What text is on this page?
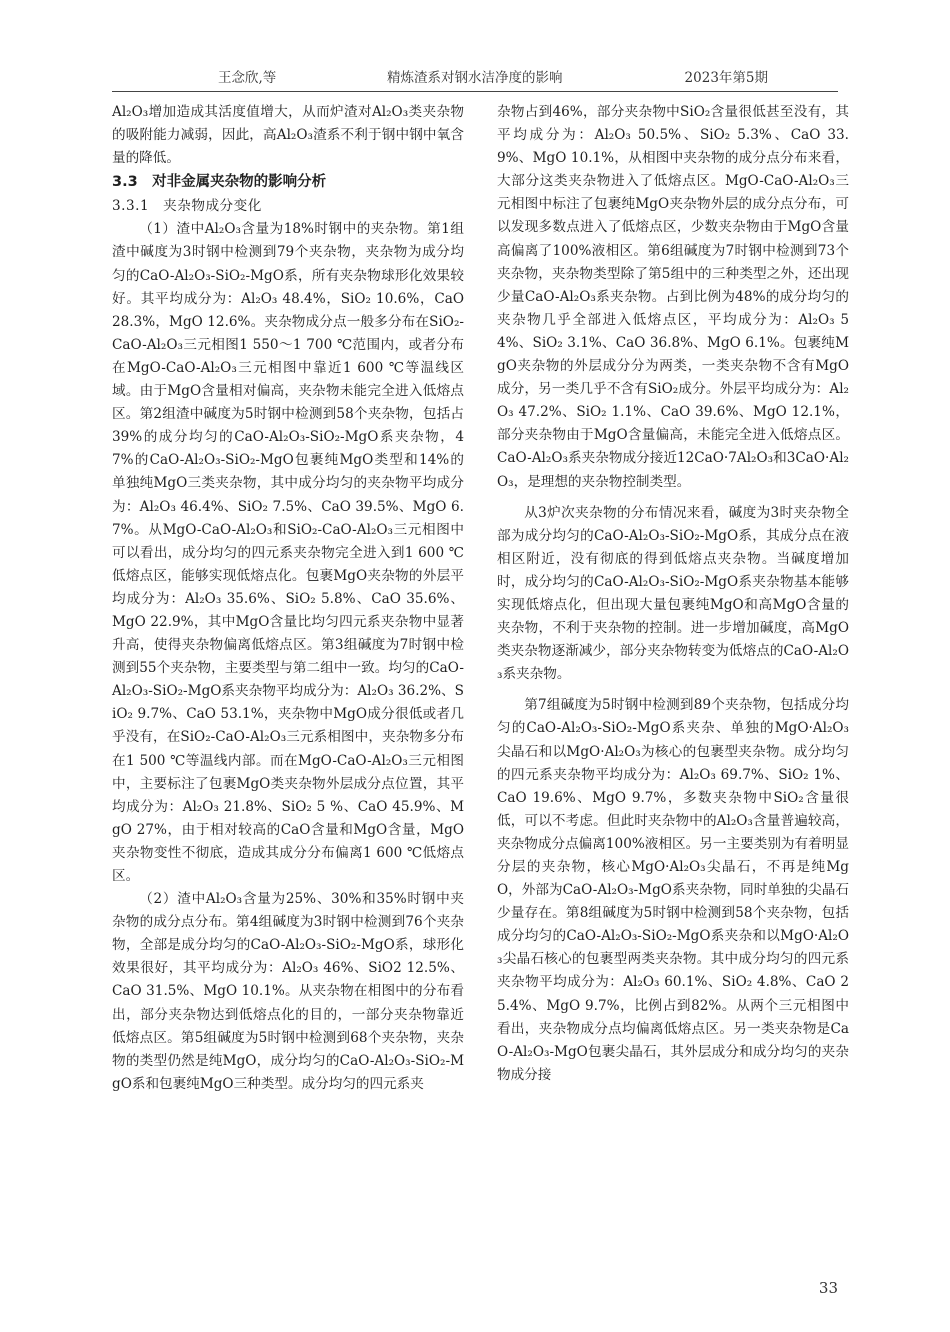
王念欣,等	精炼渣系对钢水洁净度的影响	2023年第5期

Al₂O₃增加造成其活度值增大，从而炉渣对Al₂O₃类夹杂物的吸附能力减弱，因此，高Al₂O₃渣系不利于钢中钢中氧含量的降低。

3.3　对非金属夹杂物的影响分析

3.3.1　夹杂物成分变化

（1）渣中Al₂O₃含量为18%时钢中的夹杂物。第1组渣中碱度为3时钢中检测到79个夹杂物，夹杂物为成分均匀的CaO-Al₂O₃-SiO₂-MgO系，所有夹杂物球形化效果较好。其平均成分为：Al₂O₃ 48.4%，SiO₂ 10.6%，CaO 28.3%，MgO 12.6%。夹杂物成分点一般多分布在SiO₂-CaO-Al₂O₃三元相图1 550～1 700 ℃范围内，或者分布在MgO-CaO-Al₂O₃三元相图中靠近1 600 ℃等温线区域。由于MgO含量相对偏高，夹杂物未能完全进入低熔点区。第2组渣中碱度为5时钢中检测到58个夹杂物，包括占39%的成分均匀的CaO-Al₂O₃-SiO₂-MgO系夹杂物，47%的CaO-Al₂O₃-SiO₂-MgO包裹纯MgO类型和14%的单独纯MgO三类夹杂物，其中成分均匀的夹杂物平均成分为：Al₂O₃ 46.4%、SiO₂ 7.5%、CaO 39.5%、MgO 6.7%。从MgO-CaO-Al₂O₃和SiO₂-CaO-Al₂O₃三元相图中可以看出，成分均匀的四元系夹杂物完全进入到1 600 ℃低熔点区，能够实现低熔点化。包裹MgO夹杂物的外层平均成分为：Al₂O₃ 35.6%、SiO₂ 5.8%、CaO 35.6%、MgO 22.9%，其中MgO含量比均匀四元系夹杂物中显著升高，使得夹杂物偏离低熔点区。第3组碱度为7时钢中检测到55个夹杂物，主要类型与第二组中一致。均匀的CaO-Al₂O₃-SiO₂-MgO系夹杂物平均成分为：Al₂O₃ 36.2%、SiO₂ 9.7%、CaO 53.1%，夹杂物中MgO成分很低或者几乎没有，在SiO₂-CaO-Al₂O₃三元系相图中，夹杂物多分布在1 500 ℃等温线内部。而在MgO-CaO-Al₂O₃三元相图中，主要标注了包裹MgO类夹杂物外层成分点位置，其平均成分为：Al₂O₃ 21.8%、SiO₂ 5 %、CaO 45.9%、MgO 27%，由于相对较高的CaO含量和MgO含量，MgO夹杂物变性不彻底，造成其成分分布偏离1 600 ℃低熔点区。

（2）渣中Al₂O₃含量为25%、30%和35%时钢中夹杂物的成分点分布。第4组碱度为3时钢中检测到76个夹杂物，全部是成分均匀的CaO-Al₂O₃-SiO₂-MgO系，球形化效果很好，其平均成分为：Al₂O₃ 46%、SiO2 12.5%、CaO 31.5%、MgO 10.1%。从夹杂物在相图中的分布看出，部分夹杂物达到低熔点化的目的，一部分夹杂物靠近低熔点区。第5组碱度为5时钢中检测到68个夹杂物，夹杂物的类型仍然是纯MgO，成分均匀的CaO-Al₂O₃-SiO₂-MgO系和包裹纯MgO三种类型。成分均匀的四元系夹

杂物占到46%，部分夹杂物中SiO₂含量很低甚至没有，其平均成分为：Al₂O₃ 50.5%、SiO₂ 5.3%、CaO 33.9%、MgO 10.1%，从相图中夹杂物的成分点分布来看，大部分这类夹杂物进入了低熔点区。MgO-CaO-Al₂O₃三元相图中标注了包裹纯MgO夹杂物外层的成分点分布，可以发现多数点进入了低熔点区，少数夹杂物由于MgO含量高偏离了100%液相区。第6组碱度为7时钢中检测到73个夹杂物，夹杂物类型除了第5组中的三种类型之外，还出现少量CaO-Al₂O₃系夹杂物。占到比例为48%的成分均匀的夹杂物几乎全部进入低熔点区，平均成分为：Al₂O₃ 54%、SiO₂ 3.1%、CaO 36.8%、MgO 6.1%。包裹纯MgO夹杂物的外层成分分为两类，一类夹杂物不含有MgO成分，另一类几乎不含有SiO₂成分。外层平均成分为：Al₂O₃ 47.2%、SiO₂ 1.1%、CaO 39.6%、MgO 12.1%，部分夹杂物由于MgO含量偏高，未能完全进入低熔点区。CaO-Al₂O₃系夹杂物成分接近12CaO·7Al₂O₃和3CaO·Al₂O₃，是理想的夹杂物控制类型。

从3炉次夹杂物的分布情况来看，碱度为3时夹杂物全部为成分均匀的CaO-Al₂O₃-SiO₂-MgO系，其成分点在液相区附近，没有彻底的得到低熔点夹杂物。当碱度增加时，成分均匀的CaO-Al₂O₃-SiO₂-MgO系夹杂物基本能够实现低熔点化，但出现大量包裹纯MgO和高MgO含量的夹杂物，不利于夹杂物的控制。进一步增加碱度，高MgO类夹杂物逐渐减少，部分夹杂物转变为低熔点的CaO-Al₂O₃系夹杂物。

第7组碱度为5时钢中检测到89个夹杂物，包括成分均匀的CaO-Al₂O₃-SiO₂-MgO系夹杂、单独的MgO·Al₂O₃尖晶石和以MgO·Al₂O₃为核心的包裹型夹杂物。成分均匀的四元系夹杂物平均成分为：Al₂O₃ 69.7%、SiO₂ 1%、CaO 19.6%、MgO 9.7%，多数夹杂物中SiO₂含量很低，可以不考虑。但此时夹杂物中的Al₂O₃含量普遍较高，夹杂物成分点偏离100%液相区。另一主要类别为有着明显分层的夹杂物，核心MgO·Al₂O₃尖晶石，不再是纯MgO，外部为CaO-Al₂O₃-MgO系夹杂物，同时单独的尖晶石少量存在。第8组碱度为5时钢中检测到58个夹杂物，包括成分均匀的CaO-Al₂O₃-SiO₂-MgO系夹杂和以MgO·Al₂O₃尖晶石核心的包裹型两类夹杂物。其中成分均匀的四元系夹杂物平均成分为：Al₂O₃ 60.1%、SiO₂ 4.8%、CaO 25.4%、MgO 9.7%，比例占到82%。从两个三元相图中看出，夹杂物成分点均偏离低熔点区。另一类夹杂物是CaO-Al₂O₃-MgO包裹尖晶石，其外层成分和成分均匀的夹杂物成分接

33
